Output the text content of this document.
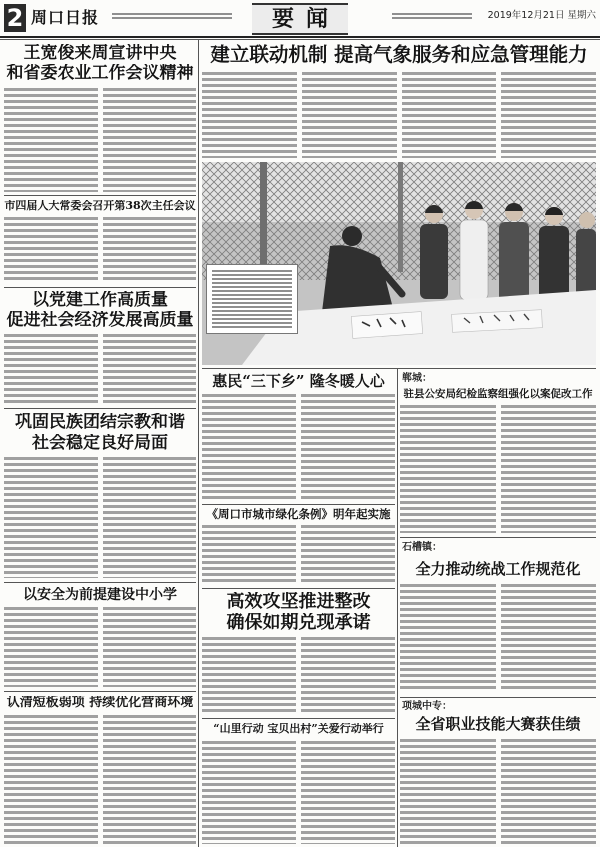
2 周口日报	要闻	2019年12月21日 星期六
王宽俊来周宣讲中央
和省委农业工作会议精神
市四届人大常委会召开第38次主任会议
以党建工作高质量
促进社会经济发展高质量
巩固民族团结宗教和谐
社会稳定良好局面
以安全为前提建设中小学
认清短板弱项 持续优化营商环境
建立联动机制 提高气象服务和应急管理能力
惠民“三下乡” 隆冬暖人心
《周口市城市绿化条例》明年起实施
高效攻坚推进整改
确保如期兑现承诺
“山里行动 宝贝出村”关爱行动举行
郸城：
驻县公安局纪检监察组强化以案促改工作
石槽镇：
全力推动统战工作规范化
项城中专：
全省职业技能大赛获佳绩
